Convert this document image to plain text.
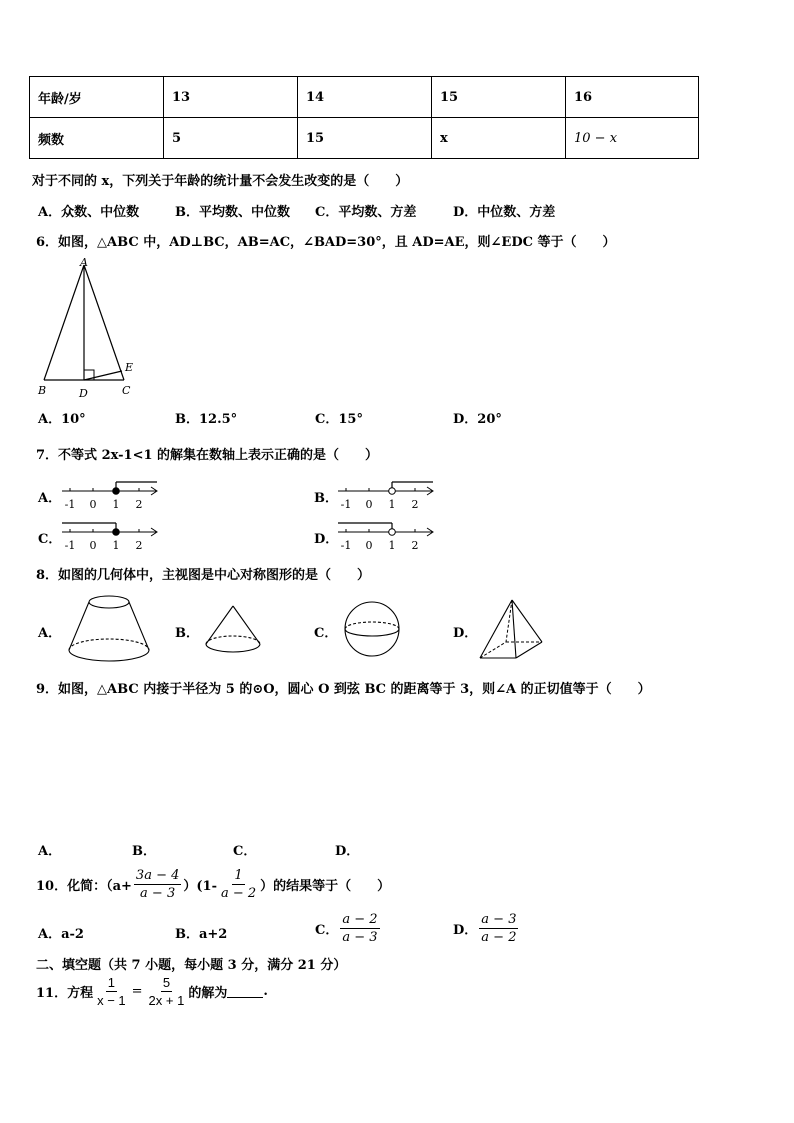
年龄/岁	13	14	15	16
频数	5	15	x	10 − x
对于不同的 x，下列关于年龄的统计量不会发生改变的是（　　）
A．众数、中位数	B．平均数、中位数 C．平均数、方差	D．中位数、方差
6．如图，△ABC 中，AD⊥BC，AB=AC，∠BAD=30°，且 AD=AE，则∠EDC 等于（　　）
A
B	D	C
E
A．10°	B．12.5°	C．15°	D．20°
7．不等式 2x-1<1 的解集在数轴上表示正确的是（　　）
A．	B．
C．	D．
-1 0 1 2	-1 0 1 2
-1 0 1 2	-1 0 1 2
8．如图的几何体中，主视图是中心对称图形的是（　　）
A．	B．	C．	D．
9．如图，△ABC 内接于半径为 5 的⊙O，圆心 O 到弦 BC 的距离等于 3，则∠A 的正切值等于（　　）
A．	B．	C．	D．
10．化简：$(a+ \frac{3a - 4}{a - 3} )(1- \frac{1}{a - 2}$ ）的结果等于（　　）
A．a-2	B．a+2	C． $\frac{a - 2}{a - 3}$	D． $\frac{a - 3}{a - 2}$
二、填空题（共 7 小题，每小题 3 分，满分 21 分）
11．方程 $\frac{1}{x - 1} = \frac{5}{2x + 1}$ 的解为	.
